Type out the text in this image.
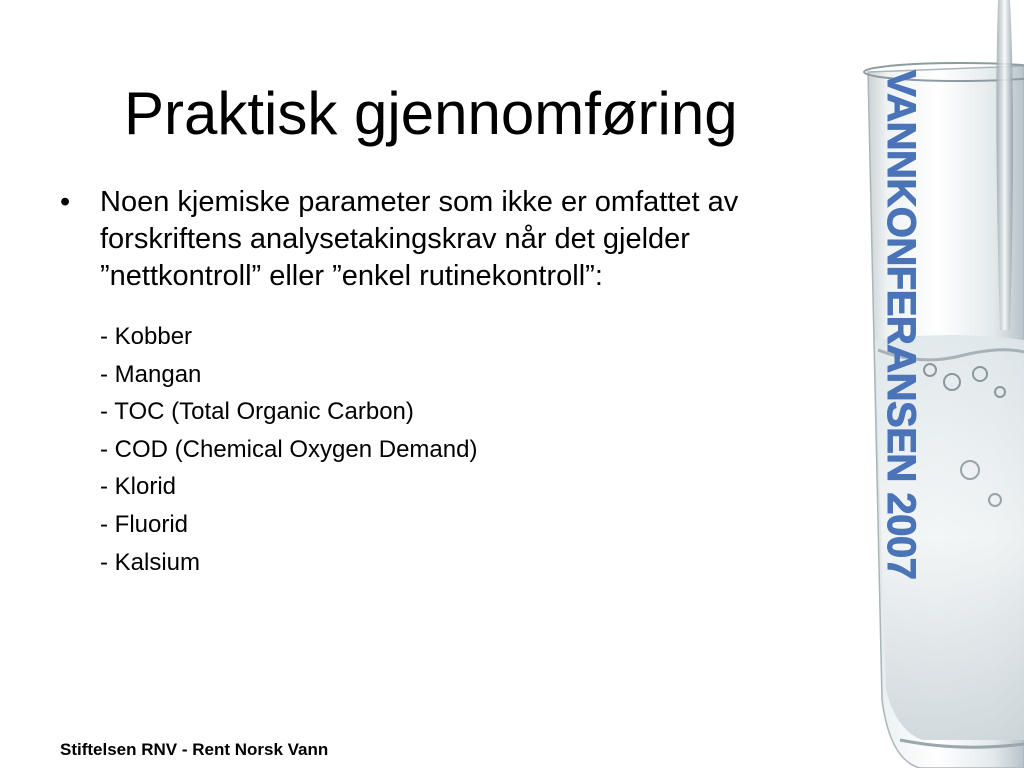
Praktisk gjennomføring
• Noen kjemiske parameter som ikke er omfattet av forskriftens analysetakingskrav når det gjelder ”nettkontroll” eller ”enkel rutinekontroll”:
- Kobber
- Mangan
- TOC (Total Organic Carbon)
- COD (Chemical Oxygen Demand)
- Klorid
- Fluorid
- Kalsium
Stiftelsen RNV - Rent Norsk Vann
VANNKONFERANSEN 2007
